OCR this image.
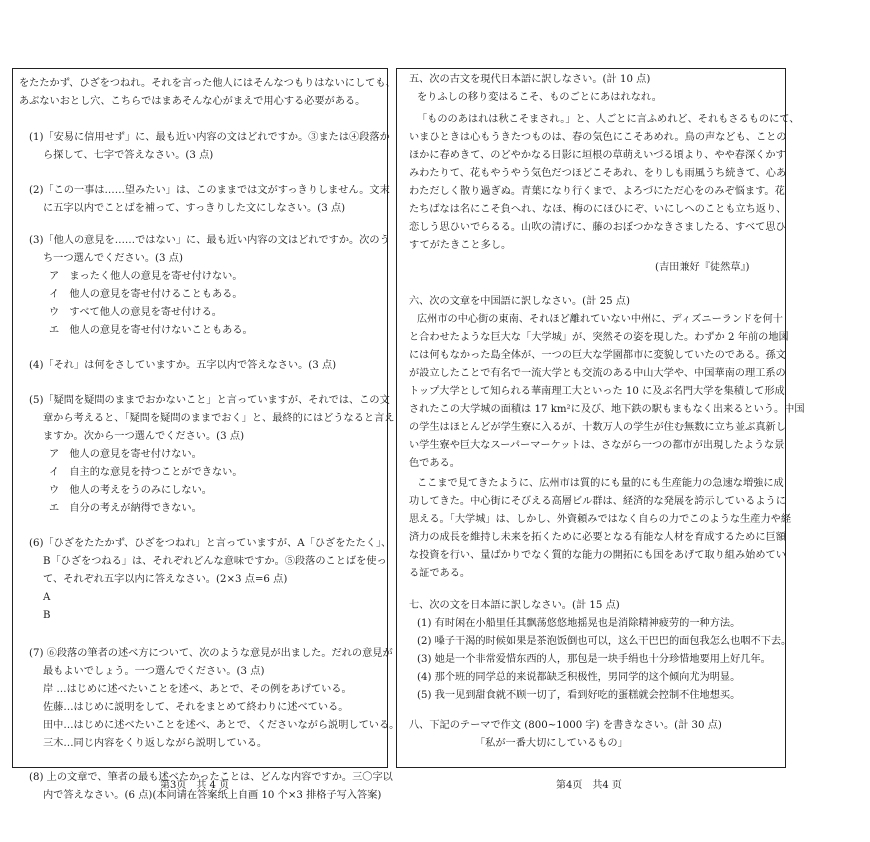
をたたかず、ひざをつねれ。それを言った他人にはそんなつもりはないにしても、
あぶないおとし穴、こちらではまあそんな心がまえで用心する必要がある。
(1)「安易に信用せず」に、最も近い内容の文はどれですか。③または④段落か
ら探して、七字で答えなさい。(3 点)
(2)「この一事は……望みたい」は、このままでは文がすっきりしません。文末
に五字以内でことばを補って、すっきりした文にしなさい。(3 点)
(3)「他人の意見を……ではない」に、最も近い内容の文はどれですか。次のう
ち一つ選んでください。(3 点)
ア　まったく他人の意見を寄せ付けない。
イ　他人の意見を寄せ付けることもある。
ウ　すべて他人の意見を寄せ付ける。
エ　他人の意見を寄せ付けないこともある。
(4)「それ」は何をさしていますか。五字以内で答えなさい。(3 点)
(5)「疑問を疑問のままでおかないこと」と言っていますが、それでは、この文
章から考えると、「疑問を疑問のままでおく」と、最終的にはどうなると言え
ますか。次から一つ選んでください。(3 点)
ア　他人の意見を寄せ付けない。
イ　自主的な意見を持つことができない。
ウ　他人の考えをうのみにしない。
エ　自分の考えが納得できない。
(6)「ひざをたたかず、ひざをつねれ」と言っていますが、A「ひざをたたく」、
B「ひざをつねる」は、それぞれどんな意味ですか。⑤段落のことばを使っ
て、それぞれ五字以内に答えなさい。(2×3 点=6 点)
A
B
(7) ⑥段落の筆者の述べ方について、次のような意見が出ました。だれの意見が
最もよいでしょう。一つ選んでください。(3 点)
岸 …はじめに述べたいことを述べ、あとで、その例をあげている。
佐藤…はじめに説明をして、それをまとめて終わりに述べている。
田中…はじめに述べたいことを述べ、あとで、くださいながら説明している。
三木…同じ内容をくり返しながら説明している。
(8) 上の文章で、筆者の最も述べたかったことは、どんな内容ですか。三〇字以
内で答えなさい。(6 点)(本问请在答案纸上自画 10 个×3 排格子写入答案)
第3页　共 4 页
五、次の古文を現代日本語に訳しなさい。(計 10 点)
をりふしの移り変はるこそ、ものごとにあはれなれ。
「もののあはれは秋こそまされ。」と、人ごとに言ふめれど、それもさるものにて、
いまひときは心もうきたつものは、春の気色にこそあめれ。鳥の声なども、ことの
ほかに春めきて、のどやかなる日影に垣根の草萌えいづる頃より、やや春深くかす
みわたりて、花もやうやう気色だつほどこそあれ、をりしも雨風うち続きて、心あ
わただしく散り過ぎぬ。青葉になり行くまで、よろづにただ心をのみぞ悩ます。花
たちばなは名にこそ負へれ、なほ、梅のにほひにぞ、いにしへのことも立ち返り、
恋しう思ひいでらるる。山吹の清げに、藤のおぼつかなきさましたる、すべて思ひ
すてがたきこと多し。
(吉田兼好『徒然草』)
六、次の文章を中国語に訳しなさい。(計 25 点)
広州市の中心街の東南、それほど離れていない中州に、ディズニーランドを何十
と合わせたような巨大な「大学城」が、突然その姿を現した。わずか 2 年前の地図
には何もなかった島全体が、一つの巨大な学園都市に変貌していたのである。孫文
が設立したことで有名で一流大学とも交流のある中山大学や、中国華南の理工系の
トップ大学として知られる華南理工大といった 10 に及ぶ名門大学を集積して形成
されたこの大学城の面積は 17 km²に及び、地下鉄の駅もまもなく出来るという。中国
の学生はほとんどが学生寮に入るが、十数万人の学生が住む無数に立ち並ぶ真新し
い学生寮や巨大なスーパーマーケットは、さながら一つの都市が出現したような景
色である。
ここまで見てきたように、広州市は質的にも量的にも生産能力の急速な増強に成
功してきた。中心街にそびえる高層ビル群は、経済的な発展を誇示しているように
思える。「大学城」は、しかし、外資頼みではなく自らの力でこのような生産力や経
済力の成長を維持し未来を拓くために必要となる有能な人材を育成するために巨額
な投資を行い、量ばかりでなく質的な能力の開拓にも国をあげて取り組み始めてい
る証である。
七、次の文を日本語に訳しなさい。(計 15 点)
(1) 有时闲在小船里任其飘荡悠悠地摇晃也是消除精神疲劳的一种方法。
(2) 嗓子干渴的时候如果是茶泡饭倒也可以，这么干巴巴的面包我怎么也咽不下去。
(3) 她是一个非常爱惜东西的人，那包是一块手绢也十分珍惜地要用上好几年。
(4) 那个班的同学总的来说都缺乏积极性，男同学的这个倾向尤为明显。
(5) 我一见到甜食就不顾一切了，看到好吃的蛋糕就会控制不住地想买。
八、下記のテーマで作文 (800~1000 字) を書きなさい。(計 30 点)
「私が一番大切にしているもの」
第4页　共4 页
